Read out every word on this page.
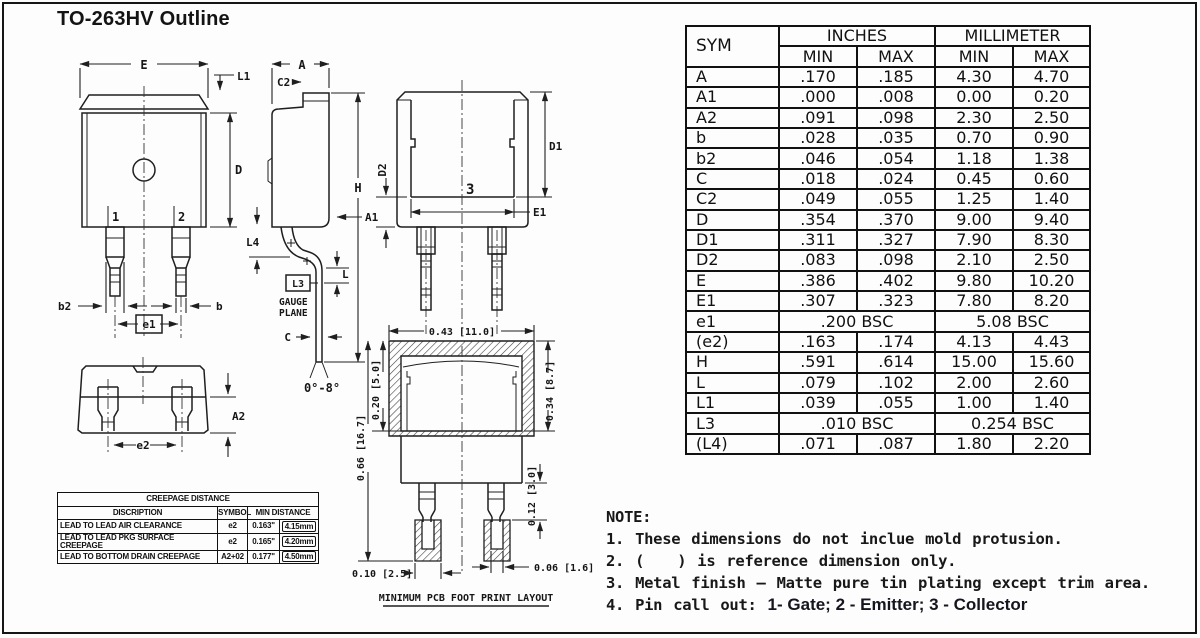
TO-263HV Outline
1	2
E
L1
D
b2	b
e1
A
C2
H
A1
L4
L3
GAUGE
PLANE
L
C
0°-8°
3
E1
D1
D2
A2
e2
0.43 [11.0]
0.66 [16.7]
0.20 [5.0]	0.34 [8.7]
0.12 [3.0]
0.10 [2.5]
0.06 [1.6]
MINIMUM PCB FOOT PRINT LAYOUT
SYM	INCHES		MILLIMETER	
	MIN	MAX	MIN	MAX
A	.170	.185	4.30	4.70
A1	.000	.008	0.00	0.20
A2	.091	.098	2.30	2.50
b	.028	.035	0.70	0.90
b2	.046	.054	1.18	1.38
C	.018	.024	0.45	0.60
C2	.049	.055	1.25	1.40
D	.354	.370	9.00	9.40
D1	.311	.327	7.90	8.30
D2	.083	.098	2.10	2.50
E	.386	.402	9.80	10.20
E1	.307	.323	7.80	8.20
e1	.200 BSC		5.08 BSC	
(e2)	.163	.174	4.13	4.43
H	.591	.614	15.00	15.60
L	.079	.102	2.00	2.60
L1	.039	.055	1.00	1.40
L3	.010 BSC		0.254 BSC	
(L4)	.071	.087	1.80	2.20
CREEPAGE DISTANCE			
DISCRIPTION	SYMBOL	MIN DISTANCE	
LEAD TO LEAD AIR CLEARANCE	e2	0.163"	4.15mm
LEAD TO LEAD PKG SURFACE CREEPAGE	e2	0.165"	4.20mm
LEAD TO BOTTOM DRAIN CREEPAGE	A2+02	0.177"	4.50mm
NOTE:
1. These dimensions do not inclue mold protusion.
2. (   ) is reference dimension only.
3. Metal finish – Matte pure tin plating except trim area.
4. Pin call out: 1- Gate; 2 - Emitter; 3 - Collector
